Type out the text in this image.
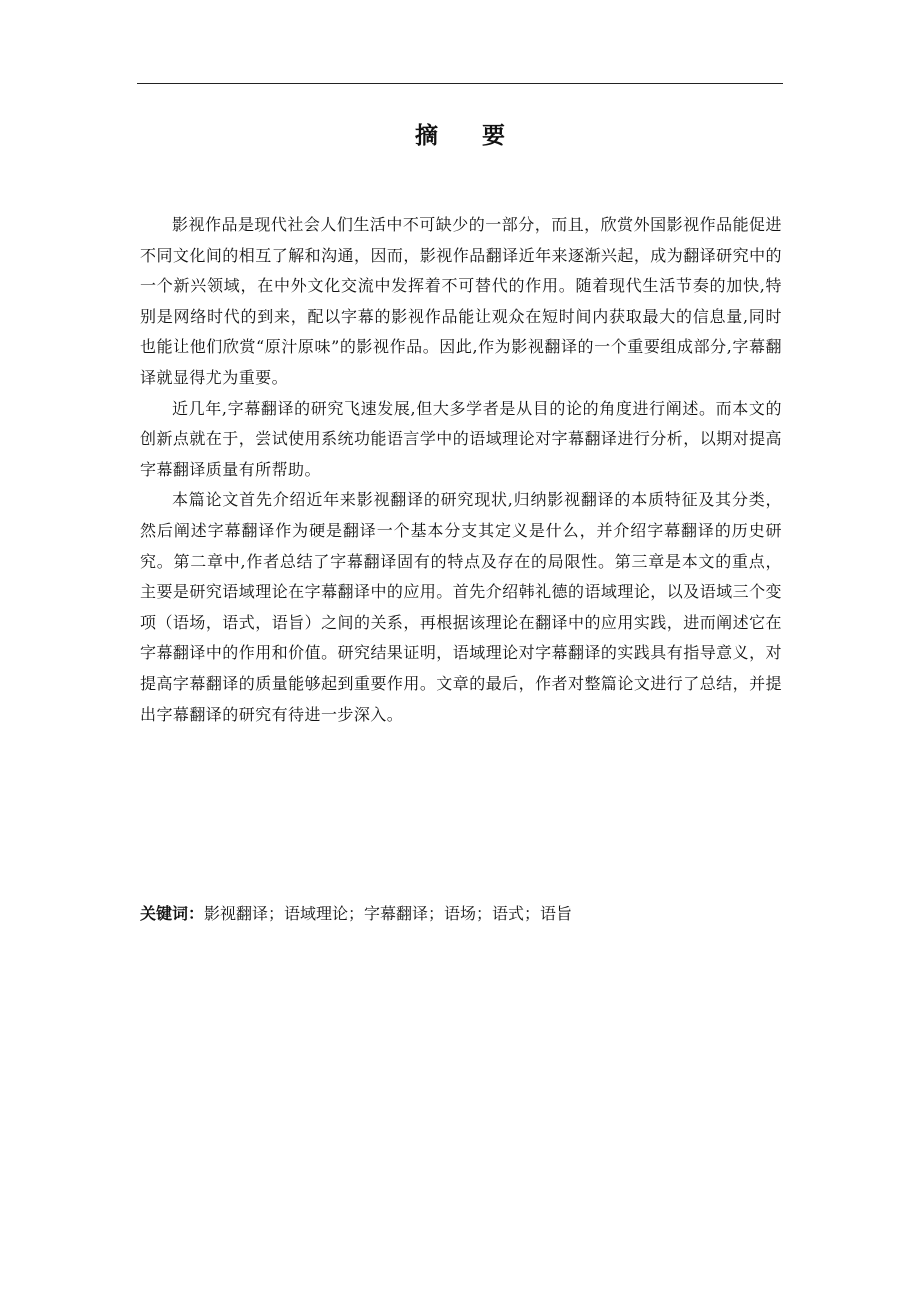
摘 要

影视作品是现代社会人们生活中不可缺少的一部分，而且，欣赏外国影视作品能促进不同文化间的相互了解和沟通，因而，影视作品翻译近年来逐渐兴起，成为翻译研究中的一个新兴领域，在中外文化交流中发挥着不可替代的作用。随着现代生活节奏的加快,特别是网络时代的到来，配以字幕的影视作品能让观众在短时间内获取最大的信息量,同时也能让他们欣赏“原汁原味”的影视作品。因此,作为影视翻译的一个重要组成部分,字幕翻译就显得尤为重要。

近几年,字幕翻译的研究飞速发展,但大多学者是从目的论的角度进行阐述。而本文的创新点就在于，尝试使用系统功能语言学中的语域理论对字幕翻译进行分析，以期对提高字幕翻译质量有所帮助。

本篇论文首先介绍近年来影视翻译的研究现状,归纳影视翻译的本质特征及其分类，然后阐述字幕翻译作为硬是翻译一个基本分支其定义是什么，并介绍字幕翻译的历史研究。第二章中,作者总结了字幕翻译固有的特点及存在的局限性。第三章是本文的重点，主要是研究语域理论在字幕翻译中的应用。首先介绍韩礼德的语域理论，以及语域三个变项（语场，语式，语旨）之间的关系，再根据该理论在翻译中的应用实践，进而阐述它在字幕翻译中的作用和价值。研究结果证明，语域理论对字幕翻译的实践具有指导意义，对提高字幕翻译的质量能够起到重要作用。文章的最后，作者对整篇论文进行了总结，并提出字幕翻译的研究有待进一步深入。

关键词：影视翻译；语域理论；字幕翻译；语场；语式；语旨
